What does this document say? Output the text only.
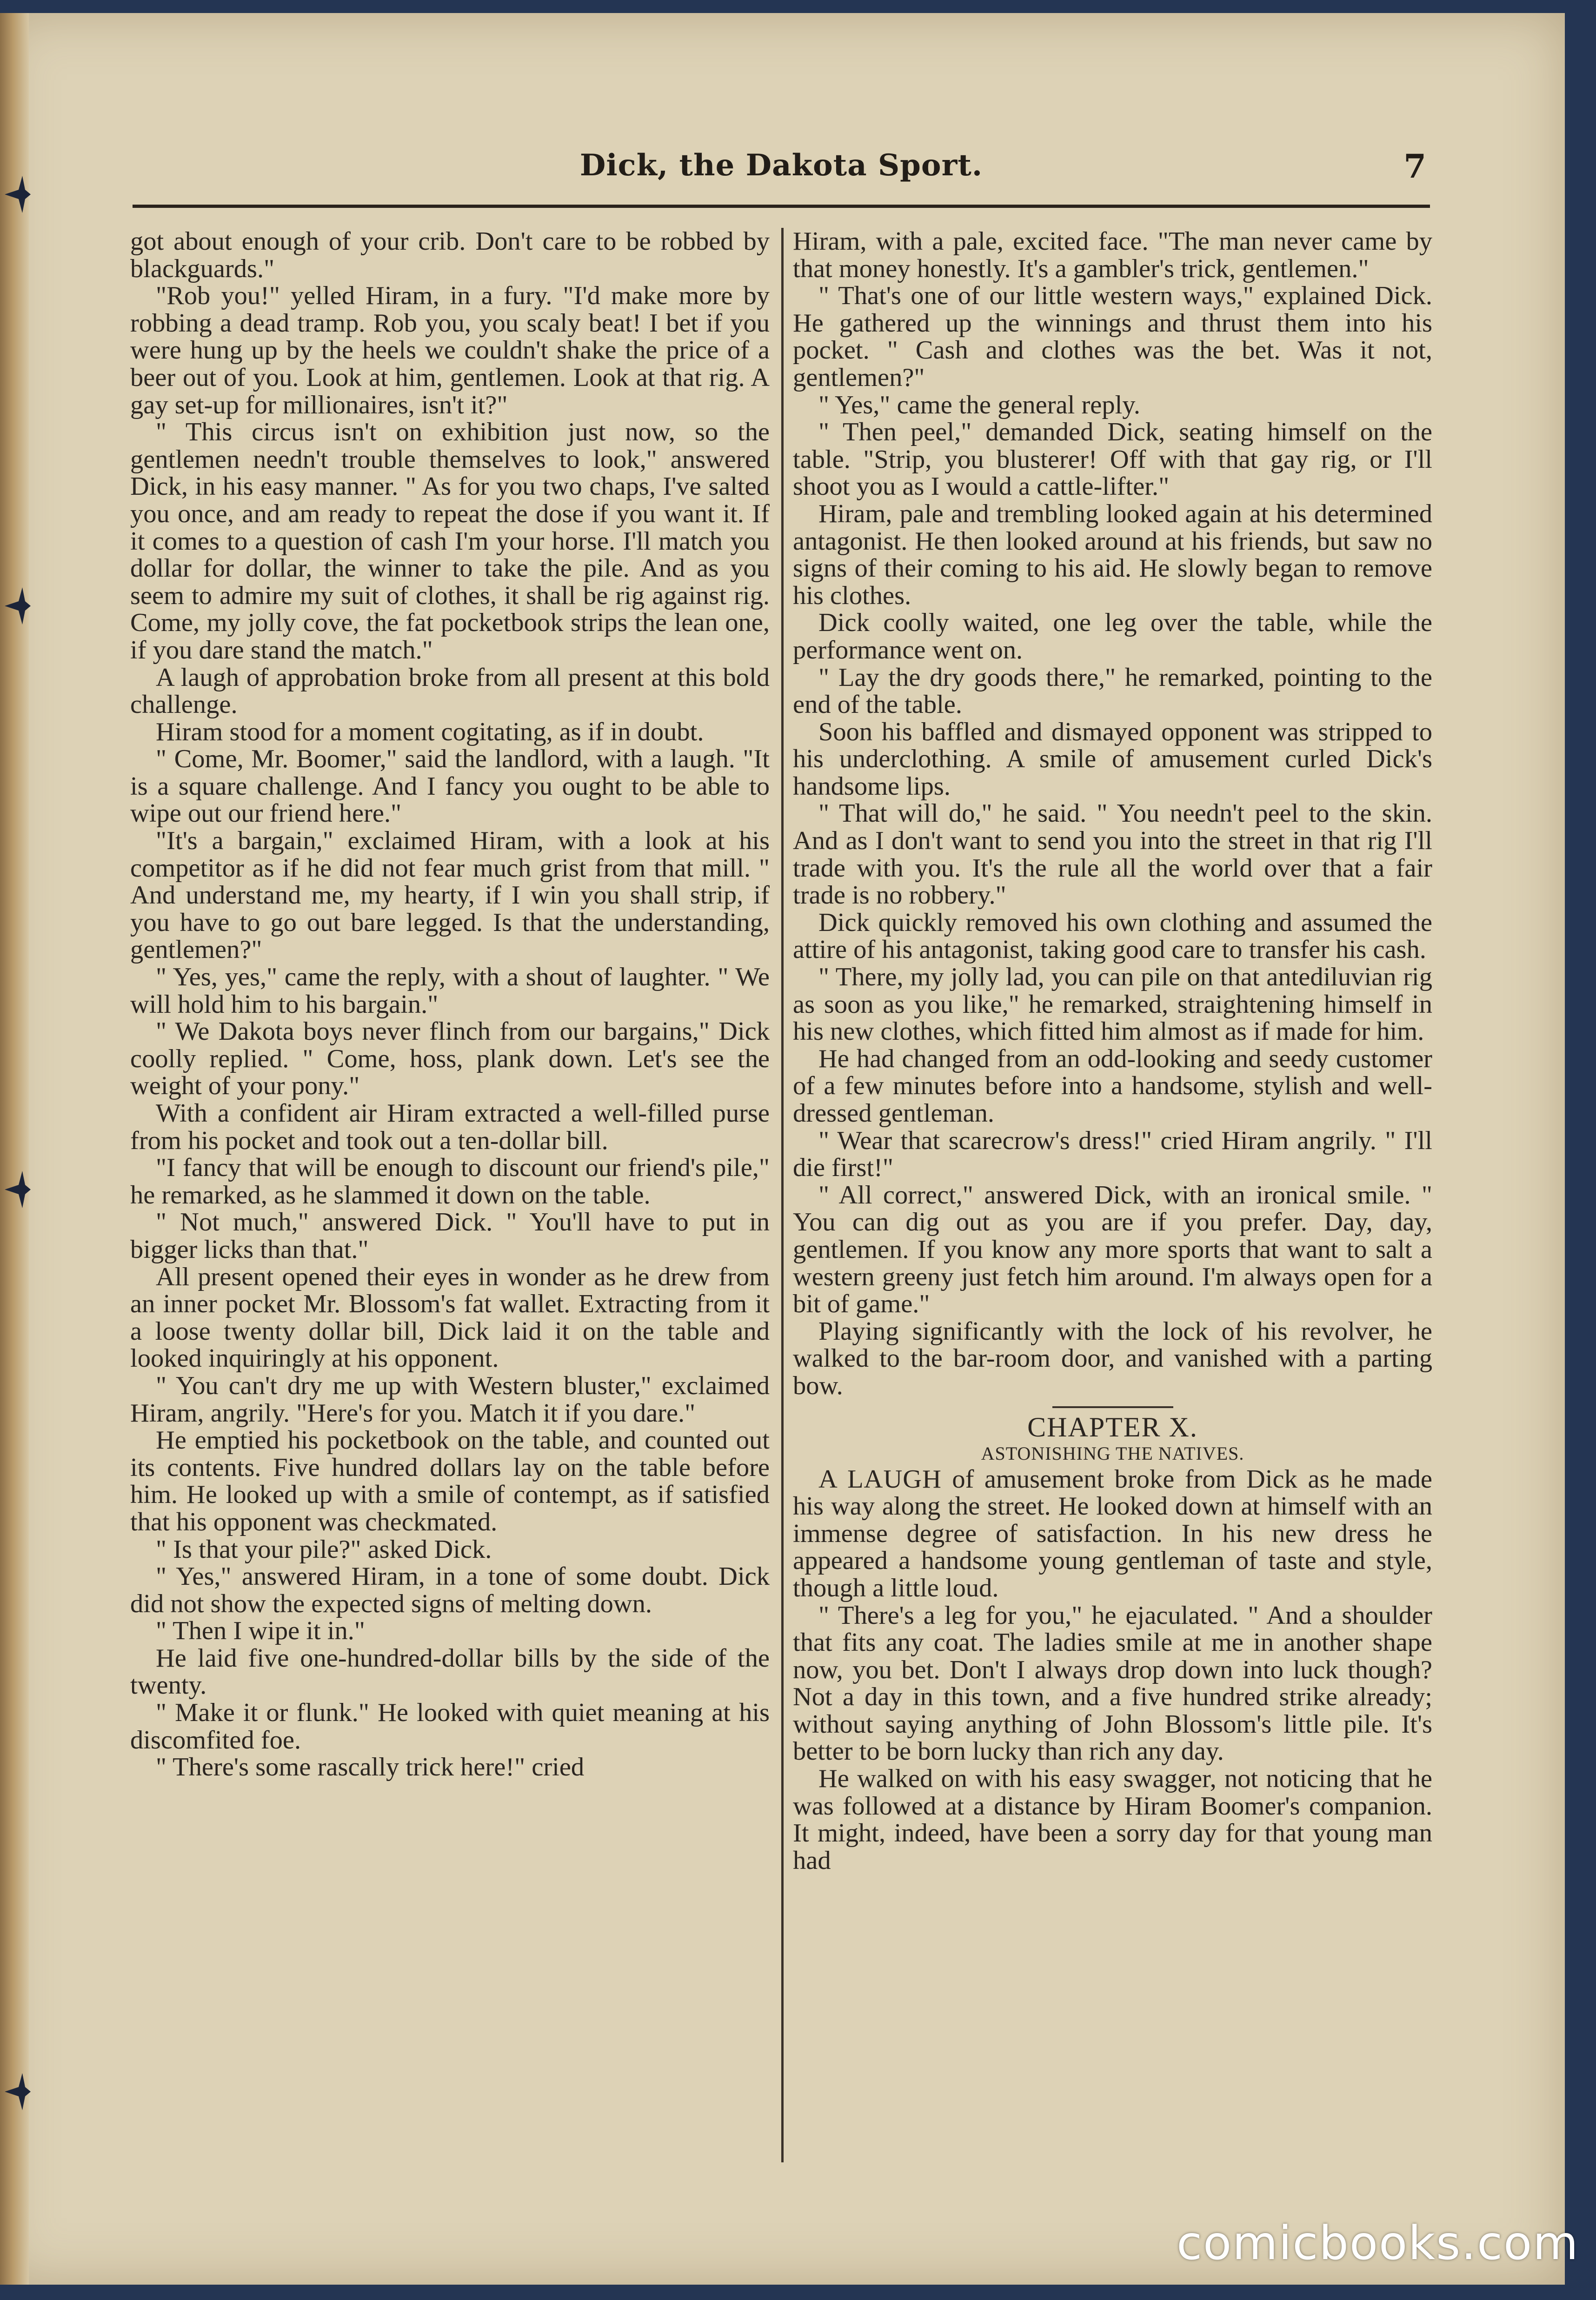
Dick, the Dakota Sport.	7

got about enough of your crib. Don't care to be robbed by blackguards."

"Rob you!" yelled Hiram, in a fury. "I'd make more by robbing a dead tramp. Rob you, you scaly beat! I bet if you were hung up by the heels we couldn't shake the price of a beer out of you. Look at him, gentlemen. Look at that rig. A gay set-up for millionaires, isn't it?"

" This circus isn't on exhibition just now, so the gentlemen needn't trouble themselves to look," answered Dick, in his easy manner. " As for you two chaps, I've salted you once, and am ready to repeat the dose if you want it. If it comes to a question of cash I'm your horse. I'll match you dollar for dollar, the winner to take the pile. And as you seem to admire my suit of clothes, it shall be rig against rig. Come, my jolly cove, the fat pocketbook strips the lean one, if you dare stand the match."

A laugh of approbation broke from all present at this bold challenge.

Hiram stood for a moment cogitating, as if in doubt.

" Come, Mr. Boomer," said the landlord, with a laugh. "It is a square challenge. And I fancy you ought to be able to wipe out our friend here."

"It's a bargain," exclaimed Hiram, with a look at his competitor as if he did not fear much grist from that mill. " And understand me, my hearty, if I win you shall strip, if you have to go out bare legged. Is that the understanding, gentlemen?"

" Yes, yes," came the reply, with a shout of laughter. " We will hold him to his bargain."

" We Dakota boys never flinch from our bargains," Dick coolly replied. " Come, hoss, plank down. Let's see the weight of your pony."

With a confident air Hiram extracted a well-filled purse from his pocket and took out a ten-dollar bill.

"I fancy that will be enough to discount our friend's pile," he remarked, as he slammed it down on the table.

" Not much," answered Dick. " You'll have to put in bigger licks than that."

All present opened their eyes in wonder as he drew from an inner pocket Mr. Blossom's fat wallet. Extracting from it a loose twenty dollar bill, Dick laid it on the table and looked inquiringly at his opponent.

" You can't dry me up with Western bluster," exclaimed Hiram, angrily. "Here's for you. Match it if you dare."

He emptied his pocketbook on the table, and counted out its contents. Five hundred dollars lay on the table before him. He looked up with a smile of contempt, as if satisfied that his opponent was checkmated.

" Is that your pile?" asked Dick.

" Yes," answered Hiram, in a tone of some doubt. Dick did not show the expected signs of melting down.

" Then I wipe it in."

He laid five one-hundred-dollar bills by the side of the twenty.

" Make it or flunk." He looked with quiet meaning at his discomfited foe.

" There's some rascally trick here!" cried

Hiram, with a pale, excited face. "The man never came by that money honestly. It's a gambler's trick, gentlemen."

" That's one of our little western ways," explained Dick. He gathered up the winnings and thrust them into his pocket. " Cash and clothes was the bet. Was it not, gentlemen?"

" Yes," came the general reply.

" Then peel," demanded Dick, seating himself on the table. "Strip, you blusterer! Off with that gay rig, or I'll shoot you as I would a cattle-lifter."

Hiram, pale and trembling looked again at his determined antagonist. He then looked around at his friends, but saw no signs of their coming to his aid. He slowly began to remove his clothes.

Dick coolly waited, one leg over the table, while the performance went on.

" Lay the dry goods there," he remarked, pointing to the end of the table.

Soon his baffled and dismayed opponent was stripped to his underclothing. A smile of amusement curled Dick's handsome lips.

" That will do," he said. " You needn't peel to the skin. And as I don't want to send you into the street in that rig I'll trade with you. It's the rule all the world over that a fair trade is no robbery."

Dick quickly removed his own clothing and assumed the attire of his antagonist, taking good care to transfer his cash.

" There, my jolly lad, you can pile on that antediluvian rig as soon as you like," he remarked, straightening himself in his new clothes, which fitted him almost as if made for him.

He had changed from an odd-looking and seedy customer of a few minutes before into a handsome, stylish and well-dressed gentleman.

" Wear that scarecrow's dress!" cried Hiram angrily. " I'll die first!"

" All correct," answered Dick, with an ironical smile. " You can dig out as you are if you prefer. Day, day, gentlemen. If you know any more sports that want to salt a western greeny just fetch him around. I'm always open for a bit of game."

Playing significantly with the lock of his revolver, he walked to the bar-room door, and vanished with a parting bow.

CHAPTER X.

ASTONISHING THE NATIVES.

A LAUGH of amusement broke from Dick as he made his way along the street. He looked down at himself with an immense degree of satisfaction. In his new dress he appeared a handsome young gentleman of taste and style, though a little loud.

" There's a leg for you," he ejaculated. " And a shoulder that fits any coat. The ladies smile at me in another shape now, you bet. Don't I always drop down into luck though? Not a day in this town, and a five hundred strike already; without saying anything of John Blossom's little pile. It's better to be born lucky than rich any day.

He walked on with his easy swagger, not noticing that he was followed at a distance by Hiram Boomer's companion. It might, indeed, have been a sorry day for that young man had

comicbooks.com
